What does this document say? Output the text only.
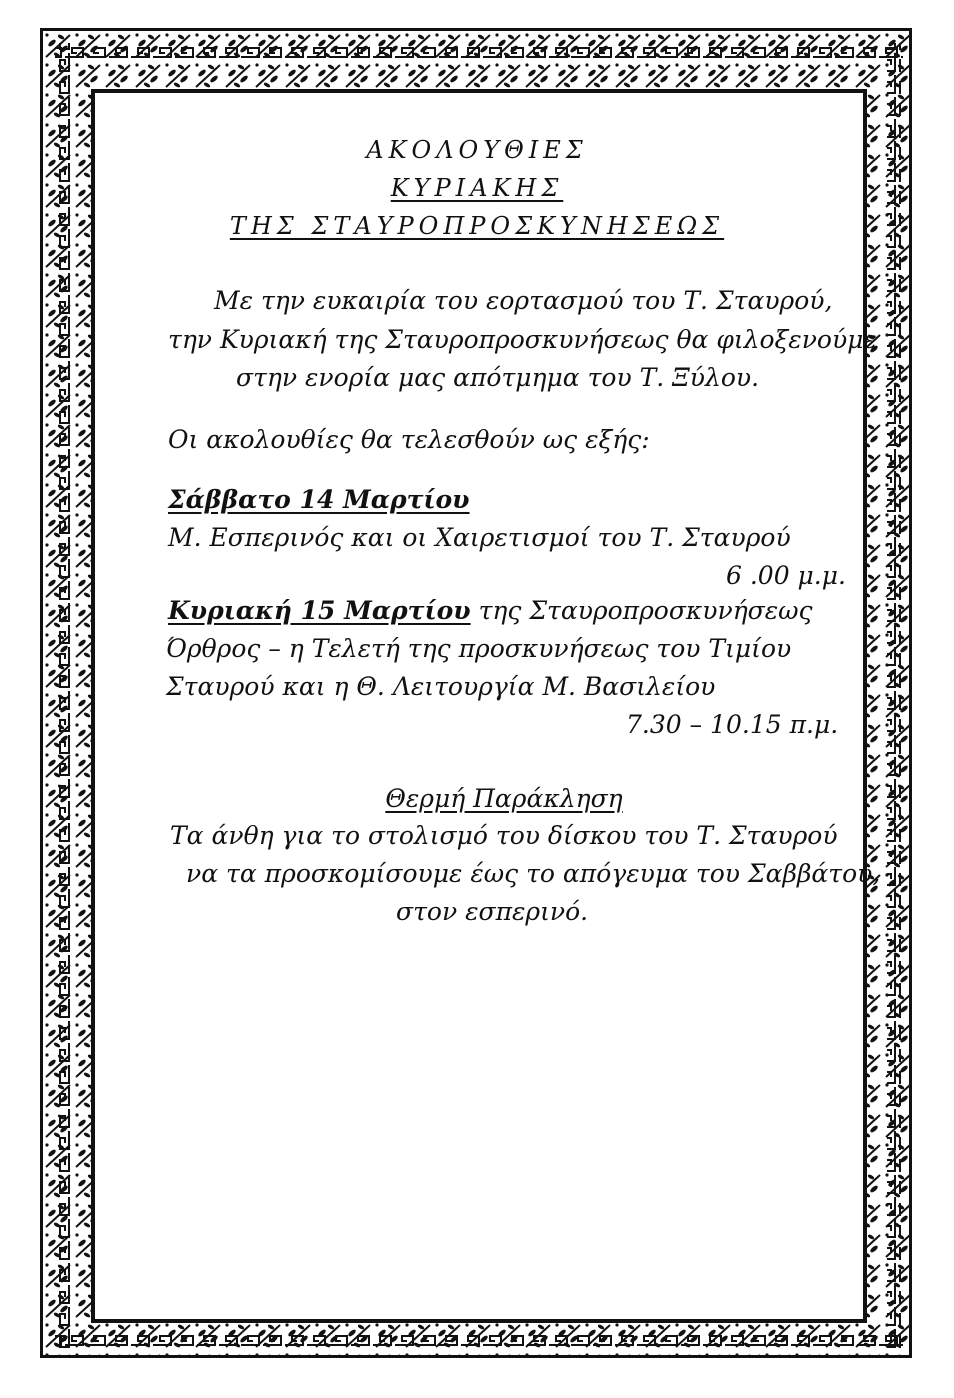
ΑΚΟΛΟΥΘΙΕΣ
ΚΥΡΙΑΚΗΣ
ΤΗΣ ΣΤΑΥΡΟΠΡΟΣΚΥΝΗΣΕΩΣ
Με την ευκαιρία του εορτασμού του Τ. Σταυρού,
την Κυριακή της Σταυροπροσκυνήσεως θα φιλοξενούμε
στην ενορία μας απότμημα του Τ. Ξύλου.
Οι ακολουθίες θα τελεσθούν ως εξής:
Σάββατο 14 Μαρτίου
Μ. Εσπερινός και οι Χαιρετισμοί του Τ. Σταυρού
6 .00 μ.μ.
Κυριακή 15 Μαρτίου της Σταυροπροσκυνήσεως
Όρθρος – η Τελετή της προσκυνήσεως του Τιμίου
Σταυρού και η Θ. Λειτουργία Μ. Βασιλείου
7.30 – 10.15 π.μ.
Θερμή Παράκληση
Τα άνθη για το στολισμό του δίσκου του Τ. Σταυρού
να τα προσκομίσουμε έως το απόγευμα του Σαββάτου,
στον εσπερινό.
